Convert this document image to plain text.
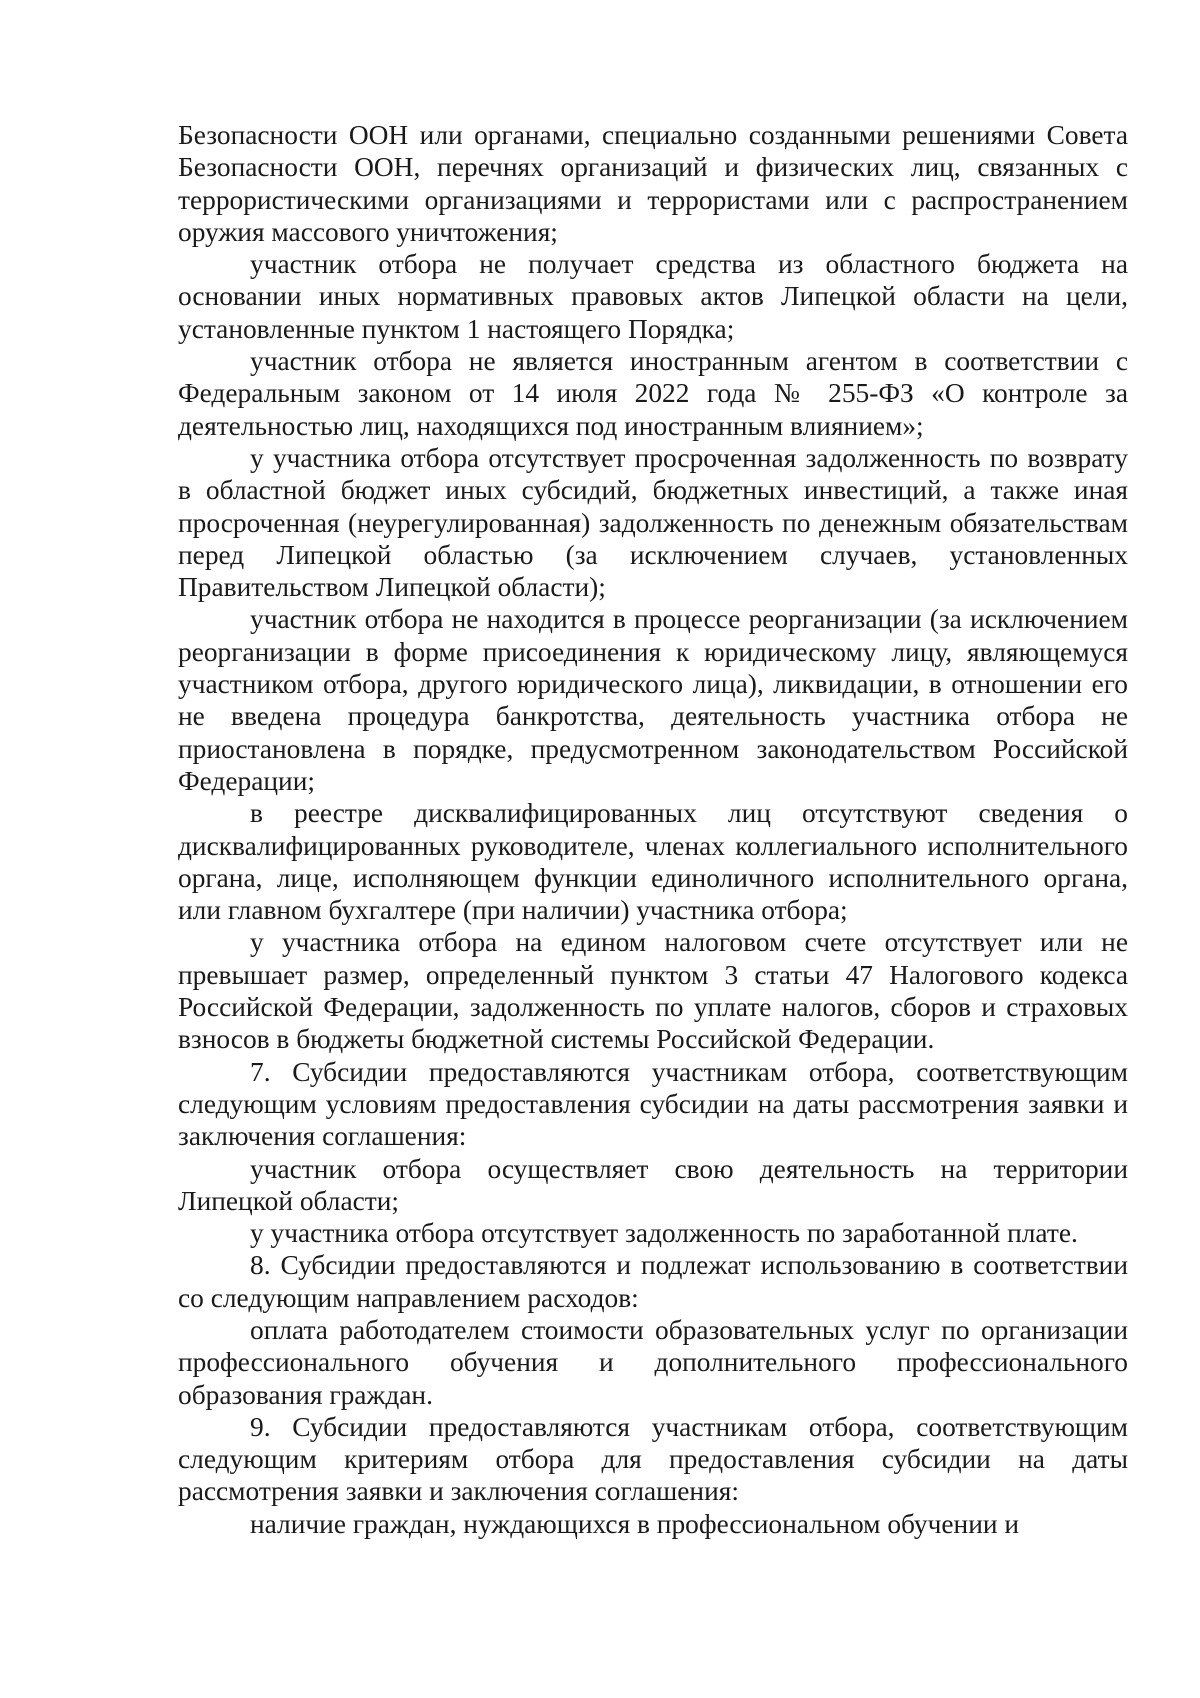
Безопасности ООН или органами, специально созданными решениями Совета Безопасности ООН, перечнях организаций и физических лиц, связанных с террористическими организациями и террористами или с распространением оружия массового уничтожения;

участник отбора не получает средства из областного бюджета на основании иных нормативных правовых актов Липецкой области на цели, установленные пунктом 1 настоящего Порядка;

участник отбора не является иностранным агентом в соответствии с Федеральным законом от 14 июля 2022 года № 255-ФЗ «О контроле за деятельностью лиц, находящихся под иностранным влиянием»;

у участника отбора отсутствует просроченная задолженность по возврату в областной бюджет иных субсидий, бюджетных инвестиций, а также иная просроченная (неурегулированная) задолженность по денежным обязательствам перед Липецкой областью (за исключением случаев, установленных Правительством Липецкой области);

участник отбора не находится в процессе реорганизации (за исключением реорганизации в форме присоединения к юридическому лицу, являющемуся участником отбора, другого юридического лица), ликвидации, в отношении его не введена процедура банкротства, деятельность участника отбора не приостановлена в порядке, предусмотренном законодательством Российской Федерации;

в реестре дисквалифицированных лиц отсутствуют сведения о дисквалифицированных руководителе, членах коллегиального исполнительного органа, лице, исполняющем функции единоличного исполнительного органа, или главном бухгалтере (при наличии) участника отбора;

у участника отбора на едином налоговом счете отсутствует или не превышает размер, определенный пунктом 3 статьи 47 Налогового кодекса Российской Федерации, задолженность по уплате налогов, сборов и страховых взносов в бюджеты бюджетной системы Российской Федерации.

7. Субсидии предоставляются участникам отбора, соответствующим следующим условиям предоставления субсидии на даты рассмотрения заявки и заключения соглашения:

участник отбора осуществляет свою деятельность на территории Липецкой области;

у участника отбора отсутствует задолженность по заработанной плате.

8. Субсидии предоставляются и подлежат использованию в соответствии со следующим направлением расходов:

оплата работодателем стоимости образовательных услуг по организации профессионального обучения и дополнительного профессионального образования граждан.

9. Субсидии предоставляются участникам отбора, соответствующим следующим критериям отбора для предоставления субсидии на даты рассмотрения заявки и заключения соглашения:

наличие граждан, нуждающихся в профессиональном обучении и
